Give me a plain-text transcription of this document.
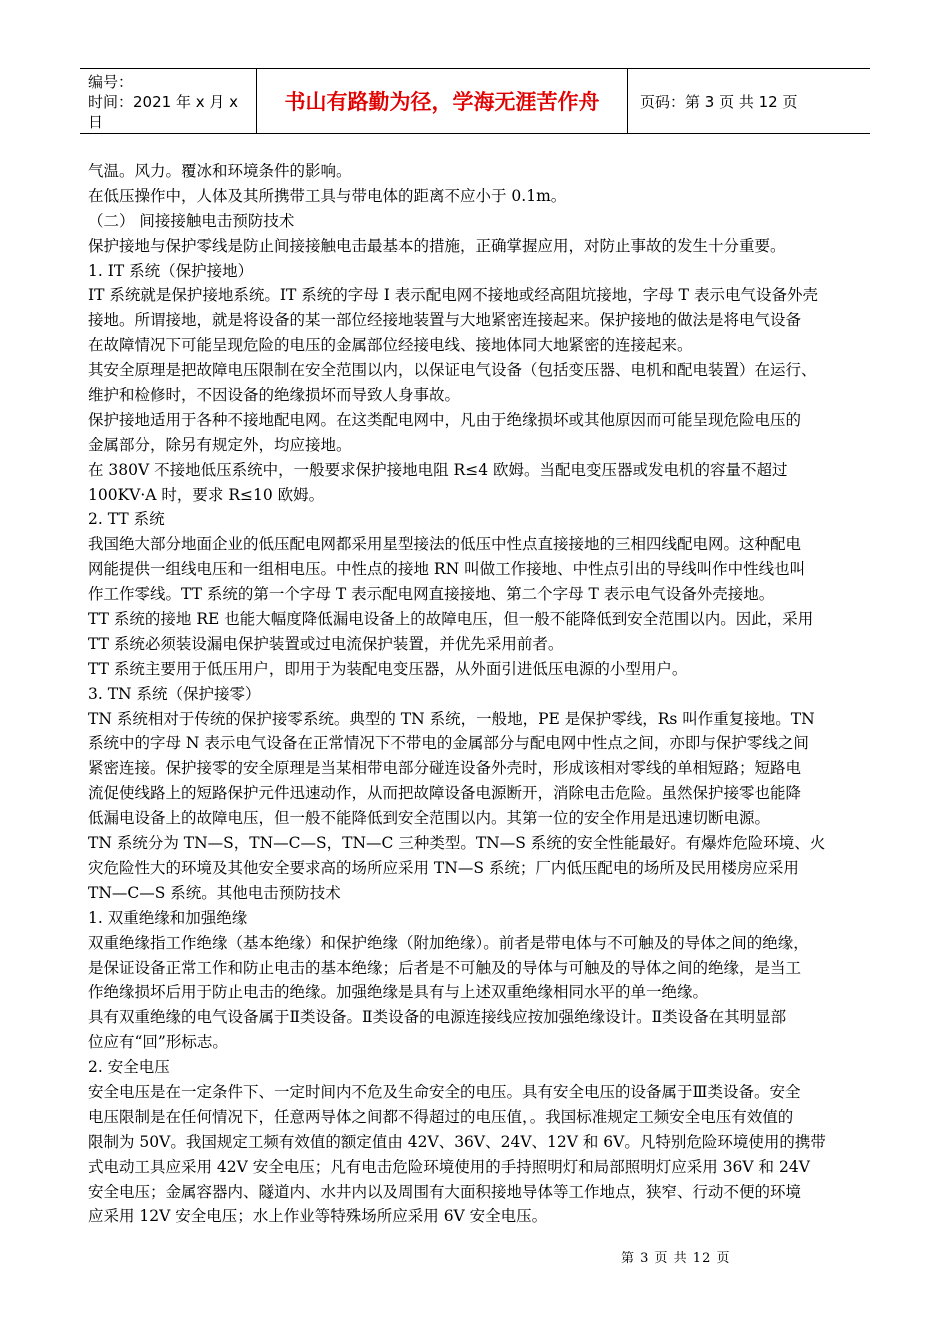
编号：
时间：2021 年 x 月 x 日
书山有路勤为径，学海无涯苦作舟	页码：第 3 页 共 12 页
气温。风力。覆冰和环境条件的影响。
在低压操作中，人体及其所携带工具与带电体的距离不应小于 0.1m。
（二） 间接接触电击预防技术
保护接地与保护零线是防止间接接触电击最基本的措施，正确掌握应用，对防止事故的发生十分重要。
1. IT 系统（保护接地）
IT 系统就是保护接地系统。IT 系统的字母 I 表示配电网不接地或经高阻坑接地，字母 T 表示电气设备外壳
接地。所谓接地，就是将设备的某一部位经接地装置与大地紧密连接起来。保护接地的做法是将电气设备
在故障情况下可能呈现危险的电压的金属部位经接电线、接地体同大地紧密的连接起来。
其安全原理是把故障电压限制在安全范围以内，以保证电气设备（包括变压器、电机和配电装置）在运行、
维护和检修时，不因设备的绝缘损坏而导致人身事故。
保护接地适用于各种不接地配电网。在这类配电网中，凡由于绝缘损坏或其他原因而可能呈现危险电压的
金属部分，除另有规定外，均应接地。
在 380V 不接地低压系统中，一般要求保护接地电阻 R≤4 欧姆。当配电变压器或发电机的容量不超过
100KV·A 时，要求 R≤10 欧姆。
2. TT 系统
我国绝大部分地面企业的低压配电网都采用星型接法的低压中性点直接接地的三相四线配电网。这种配电
网能提供一组线电压和一组相电压。中性点的接地 RN 叫做工作接地、中性点引出的导线叫作中性线也叫
作工作零线。TT 系统的第一个字母 T 表示配电网直接接地、第二个字母 T 表示电气设备外壳接地。
TT 系统的接地 RE 也能大幅度降低漏电设备上的故障电压，但一般不能降低到安全范围以内。因此，采用
TT 系统必须装设漏电保护装置或过电流保护装置，并优先采用前者。
TT 系统主要用于低压用户，即用于为装配电变压器，从外面引进低压电源的小型用户。
3. TN 系统（保护接零）
TN 系统相对于传统的保护接零系统。典型的 TN 系统，一般地，PE 是保护零线，Rs 叫作重复接地。TN
系统中的字母 N 表示电气设备在正常情况下不带电的金属部分与配电网中性点之间，亦即与保护零线之间
紧密连接。保护接零的安全原理是当某相带电部分碰连设备外壳时，形成该相对零线的单相短路；短路电
流促使线路上的短路保护元件迅速动作，从而把故障设备电源断开，消除电击危险。虽然保护接零也能降
低漏电设备上的故障电压，但一般不能降低到安全范围以内。其第一位的安全作用是迅速切断电源。
TN 系统分为 TN—S，TN—C—S，TN—C 三种类型。TN—S 系统的安全性能最好。有爆炸危险环境、火
灾危险性大的环境及其他安全要求高的场所应采用 TN—S 系统；厂内低压配电的场所及民用楼房应采用
TN—C—S 系统。其他电击预防技术
1. 双重绝缘和加强绝缘
双重绝缘指工作绝缘（基本绝缘）和保护绝缘（附加绝缘）。前者是带电体与不可触及的导体之间的绝缘，
是保证设备正常工作和防止电击的基本绝缘；后者是不可触及的导体与可触及的导体之间的绝缘，是当工
作绝缘损坏后用于防止电击的绝缘。加强绝缘是具有与上述双重绝缘相同水平的单一绝缘。
具有双重绝缘的电气设备属于Ⅱ类设备。Ⅱ类设备的电源连接线应按加强绝缘设计。Ⅱ类设备在其明显部
位应有“回”形标志。
2. 安全电压
安全电压是在一定条件下、一定时间内不危及生命安全的电压。具有安全电压的设备属于Ⅲ类设备。安全
电压限制是在任何情况下，任意两导体之间都不得超过的电压值，。我国标准规定工频安全电压有效值的
限制为 50V。我国规定工频有效值的额定值由 42V、36V、24V、12V 和 6V。凡特别危险环境使用的携带
式电动工具应采用 42V 安全电压；凡有电击危险环境使用的手持照明灯和局部照明灯应采用 36V 和 24V
安全电压；金属容器内、隧道内、水井内以及周围有大面积接地导体等工作地点，狭窄、行动不便的环境
应采用 12V 安全电压；水上作业等特殊场所应采用 6V 安全电压。
第 3 页 共 12 页
